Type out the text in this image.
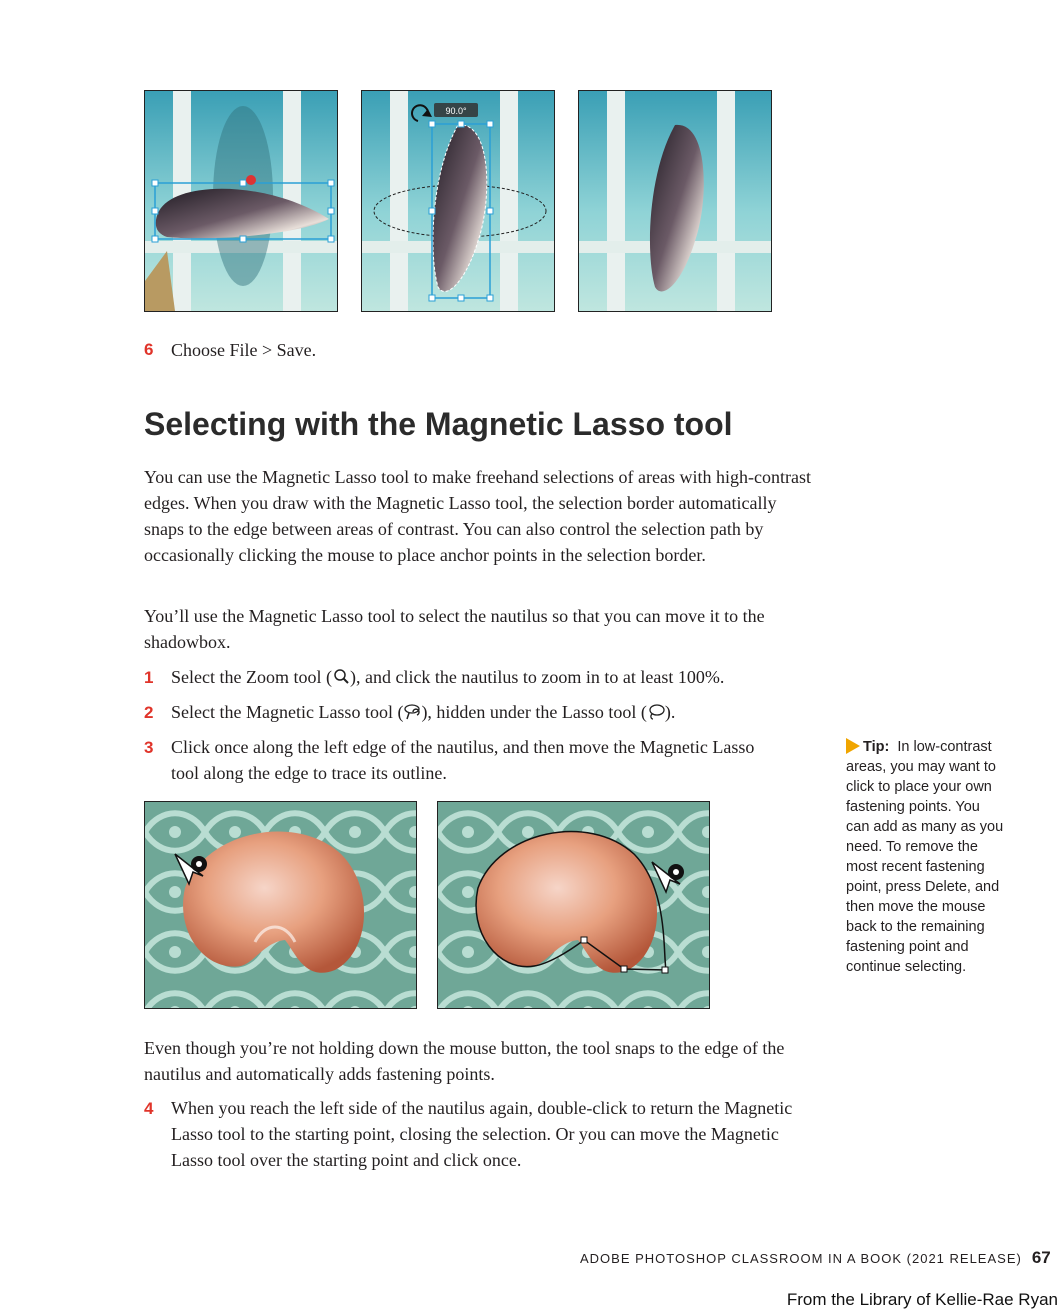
90.0°
6 Choose File > Save.
Selecting with the Magnetic Lasso tool

You can use the Magnetic Lasso tool to make freehand selections of areas with high-contrast edges. When you draw with the Magnetic Lasso tool, the selection border automatically snaps to the edge between areas of contrast. You can also control the selection path by occasionally clicking the mouse to place anchor points in the selection border.

You’ll use the Magnetic Lasso tool to select the nautilus so that you can move it to the shadowbox.

1 Select the Zoom tool ( ), and click the nautilus to zoom in to at least 100%.
2 Select the Magnetic Lasso tool ( ), hidden under the Lasso tool ( ).
3 Click once along the left edge of the nautilus, and then move the Magnetic Lasso tool along the edge to trace its outline.
Tip: In low-contrast areas, you may want to click to place your own fastening points. You can add as many as you need. To remove the most recent fastening point, press Delete, and then move the mouse back to the remaining fastening point and continue selecting.

Even though you’re not holding down the mouse button, the tool snaps to the edge of the nautilus and automatically adds fastening points.

4 When you reach the left side of the nautilus again, double-click to return the Magnetic Lasso tool to the starting point, closing the selection. Or you can move the Magnetic Lasso tool over the starting point and click once.
ADOBE PHOTOSHOP CLASSROOM IN A BOOK (2021 RELEASE) 67
From the Library of Kellie-Rae Ryan
